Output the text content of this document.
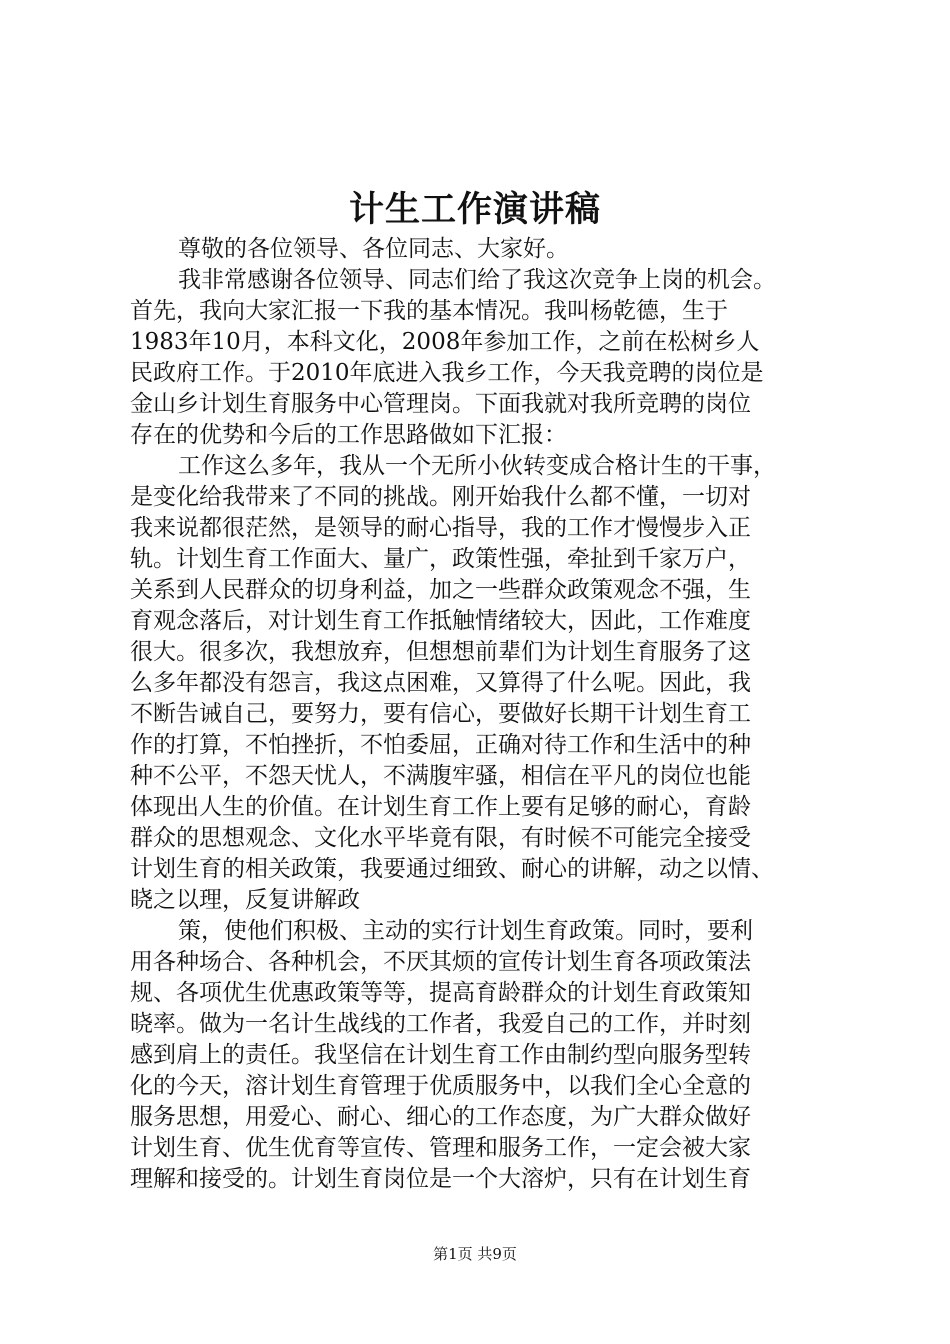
计生工作演讲稿
尊敬的各位领导、各位同志、大家好。
我非常感谢各位领导、同志们给了我这次竞争上岗的机会。
首先，我向大家汇报一下我的基本情况。我叫杨乾德，生于
1983年10月，本科文化，2008年参加工作，之前在松树乡人
民政府工作。于2010年底进入我乡工作，今天我竞聘的岗位是
金山乡计划生育服务中心管理岗。下面我就对我所竞聘的岗位
存在的优势和今后的工作思路做如下汇报：
工作这么多年，我从一个无所小伙转变成合格计生的干事，
是变化给我带来了不同的挑战。刚开始我什么都不懂，一切对
我来说都很茫然，是领导的耐心指导，我的工作才慢慢步入正
轨。计划生育工作面大、量广，政策性强，牵扯到千家万户，
关系到人民群众的切身利益，加之一些群众政策观念不强，生
育观念落后，对计划生育工作抵触情绪较大，因此，工作难度
很大。很多次，我想放弃，但想想前辈们为计划生育服务了这
么多年都没有怨言，我这点困难，又算得了什么呢。因此，我
不断告诫自己，要努力，要有信心，要做好长期干计划生育工
作的打算，不怕挫折，不怕委屈，正确对待工作和生活中的种
种不公平，不怨天忧人，不满腹牢骚，相信在平凡的岗位也能
体现出人生的价值。在计划生育工作上要有足够的耐心，育龄
群众的思想观念、文化水平毕竟有限，有时候不可能完全接受
计划生育的相关政策，我要通过细致、耐心的讲解，动之以情、
晓之以理，反复讲解政
策，使他们积极、主动的实行计划生育政策。同时，要利
用各种场合、各种机会，不厌其烦的宣传计划生育各项政策法
规、各项优生优惠政策等等，提高育龄群众的计划生育政策知
晓率。做为一名计生战线的工作者，我爱自己的工作，并时刻
感到肩上的责任。我坚信在计划生育工作由制约型向服务型转
化的今天，溶计划生育管理于优质服务中，以我们全心全意的
服务思想，用爱心、耐心、细心的工作态度，为广大群众做好
计划生育、优生优育等宣传、管理和服务工作，一定会被大家
理解和接受的。计划生育岗位是一个大溶炉，只有在计划生育
第1页 共9页
